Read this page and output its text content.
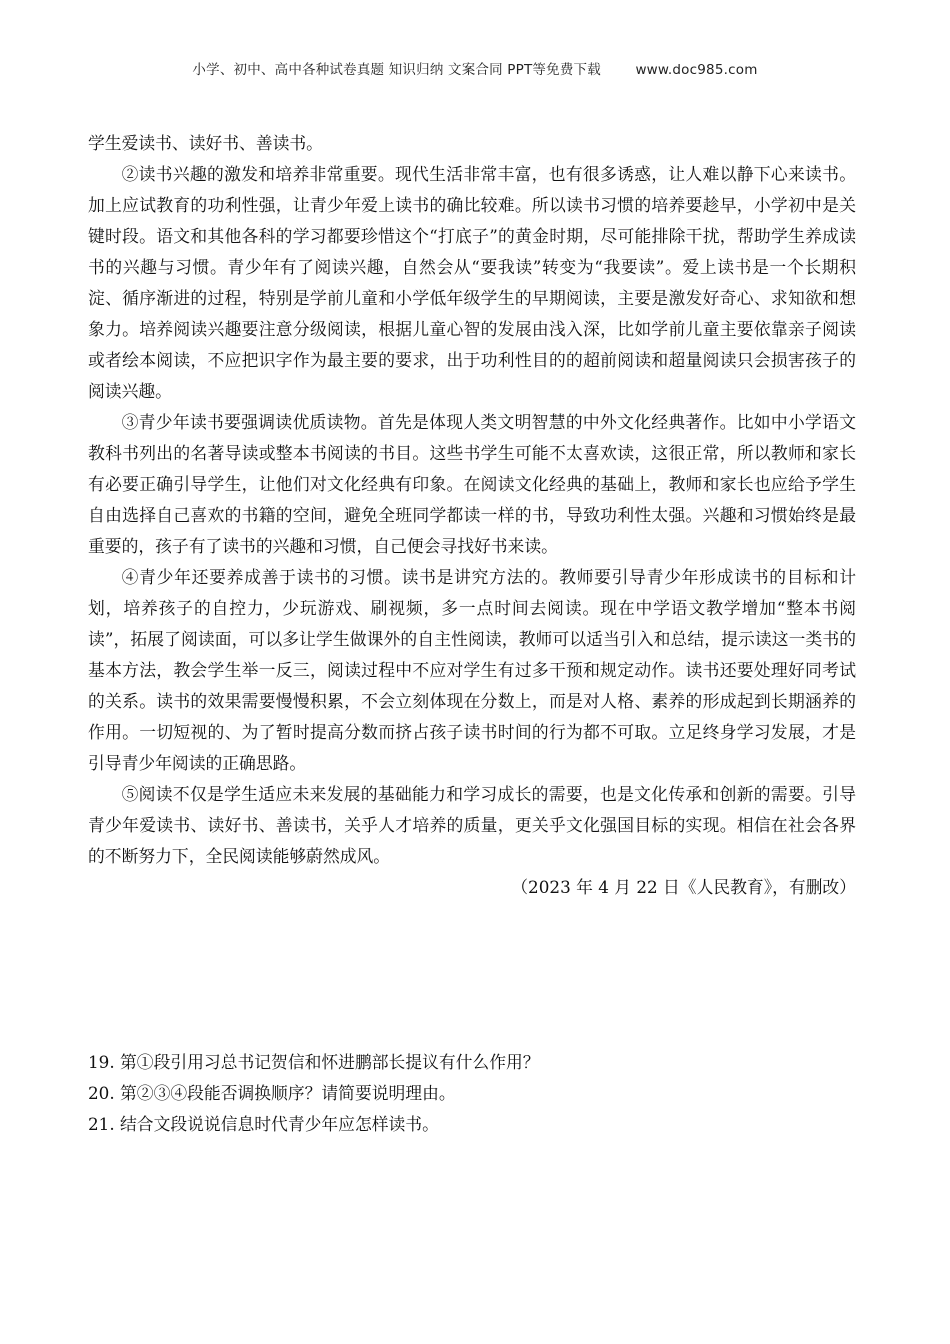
小学、初中、高中各种试卷真题 知识归纳 文案合同 PPT等免费下载	www.doc985.com

学生爱读书、读好书、善读书。

②读书兴趣的激发和培养非常重要。现代生活非常丰富，也有很多诱惑，让人难以静下心来读书。加上应试教育的功利性强，让青少年爱上读书的确比较难。所以读书习惯的培养要趁早，小学初中是关键时段。语文和其他各科的学习都要珍惜这个“打底子”的黄金时期，尽可能排除干扰，帮助学生养成读书的兴趣与习惯。青少年有了阅读兴趣，自然会从“要我读”转变为“我要读”。爱上读书是一个长期积淀、循序渐进的过程，特别是学前儿童和小学低年级学生的早期阅读，主要是激发好奇心、求知欲和想象力。培养阅读兴趣要注意分级阅读，根据儿童心智的发展由浅入深，比如学前儿童主要依靠亲子阅读或者绘本阅读，不应把识字作为最主要的要求，出于功利性目的的超前阅读和超量阅读只会损害孩子的阅读兴趣。

③青少年读书要强调读优质读物。首先是体现人类文明智慧的中外文化经典著作。比如中小学语文教科书列出的名著导读或整本书阅读的书目。这些书学生可能不太喜欢读，这很正常，所以教师和家长有必要正确引导学生，让他们对文化经典有印象。在阅读文化经典的基础上，教师和家长也应给予学生自由选择自己喜欢的书籍的空间，避免全班同学都读一样的书，导致功利性太强。兴趣和习惯始终是最重要的，孩子有了读书的兴趣和习惯，自己便会寻找好书来读。

④青少年还要养成善于读书的习惯。读书是讲究方法的。教师要引导青少年形成读书的目标和计划，培养孩子的自控力，少玩游戏、刷视频，多一点时间去阅读。现在中学语文教学增加“整本书阅读”，拓展了阅读面，可以多让学生做课外的自主性阅读，教师可以适当引入和总结，提示读这一类书的基本方法，教会学生举一反三，阅读过程中不应对学生有过多干预和规定动作。读书还要处理好同考试的关系。读书的效果需要慢慢积累，不会立刻体现在分数上，而是对人格、素养的形成起到长期涵养的作用。一切短视的、为了暂时提高分数而挤占孩子读书时间的行为都不可取。立足终身学习发展，才是引导青少年阅读的正确思路。

⑤阅读不仅是学生适应未来发展的基础能力和学习成长的需要，也是文化传承和创新的需要。引导青少年爱读书、读好书、善读书，关乎人才培养的质量，更关乎文化强国目标的实现。相信在社会各界的不断努力下，全民阅读能够蔚然成风。

（2023 年 4 月 22 日《人民教育》，有删改）

19. 第①段引用习总书记贺信和怀进鹏部长提议有什么作用？

20. 第②③④段能否调换顺序？请简要说明理由。

21. 结合文段说说信息时代青少年应怎样读书。
